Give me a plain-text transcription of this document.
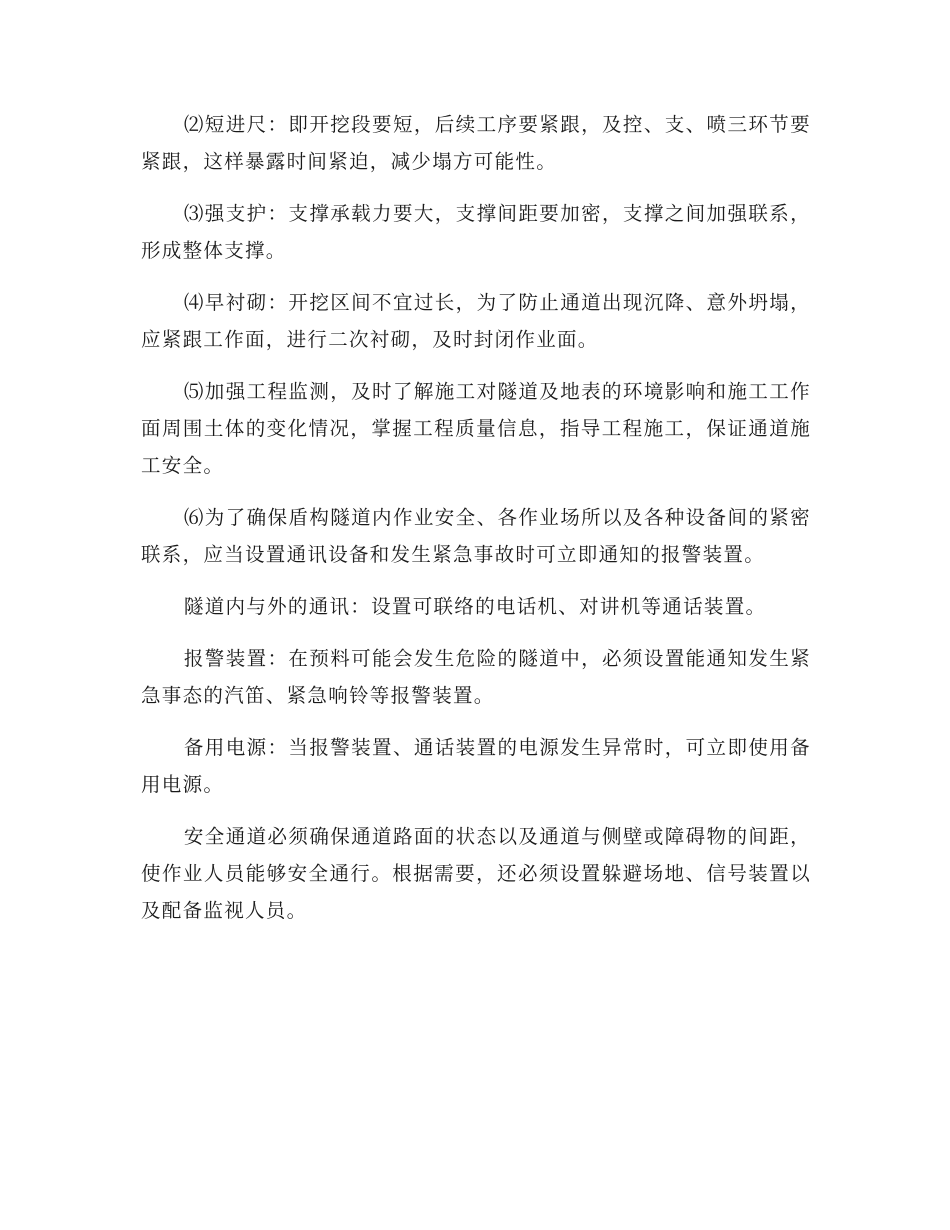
⑵短进尺：即开挖段要短，后续工序要紧跟，及控、支、喷三环节要紧跟，这样暴露时间紧迫，减少塌方可能性。

⑶强支护：支撑承载力要大，支撑间距要加密，支撑之间加强联系，形成整体支撑。

⑷早衬砌：开挖区间不宜过长，为了防止通道出现沉降、意外坍塌，应紧跟工作面，进行二次衬砌，及时封闭作业面。

⑸加强工程监测，及时了解施工对隧道及地表的环境影响和施工工作面周围土体的变化情况，掌握工程质量信息，指导工程施工，保证通道施工安全。

⑹为了确保盾构隧道内作业安全、各作业场所以及各种设备间的紧密联系，应当设置通讯设备和发生紧急事故时可立即通知的报警装置。

隧道内与外的通讯：设置可联络的电话机、对讲机等通话装置。

报警装置：在预料可能会发生危险的隧道中，必须设置能通知发生紧急事态的汽笛、紧急响铃等报警装置。

备用电源：当报警装置、通话装置的电源发生异常时，可立即使用备用电源。

安全通道必须确保通道路面的状态以及通道与侧壁或障碍物的间距，使作业人员能够安全通行。根据需要，还必须设置躲避场地、信号装置以及配备监视人员。
